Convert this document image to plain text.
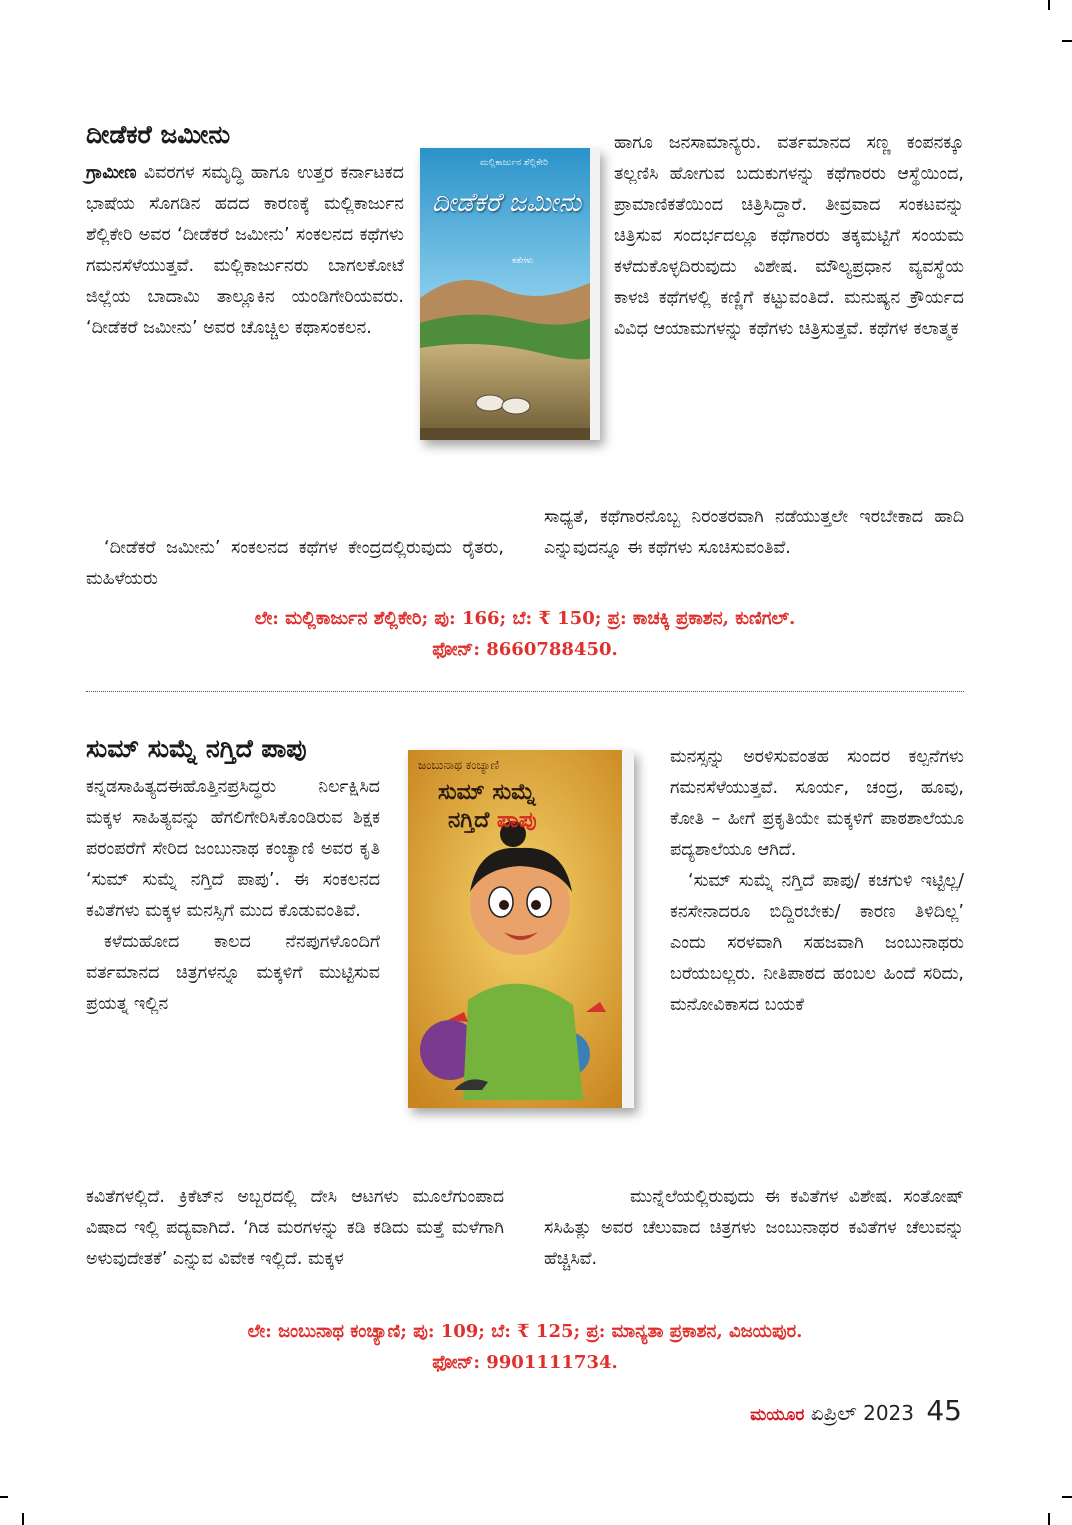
ದೀಡೆಕರೆ ಜಮೀನು

ಗ್ರಾಮೀಣ ವಿವರಗಳ ಸಮೃದ್ಧಿ ಹಾಗೂ ಉತ್ತರ ಕರ್ನಾಟಕದ ಭಾಷೆಯ ಸೊಗಡಿನ ಹದದ ಕಾರಣಕ್ಕೆ ಮಲ್ಲಿಕಾರ್ಜುನ ಶೆಲ್ಲಿಕೇರಿ ಅವರ ‘ದೀಡೆಕರೆ ಜಮೀನು’ ಸಂಕಲನದ ಕಥೆಗಳು ಗಮನಸೆಳೆಯುತ್ತವೆ. ಮಲ್ಲಿಕಾರ್ಜುನರು ಬಾಗಲಕೋಟೆ ಜಿಲ್ಲೆಯ ಬಾದಾಮಿ ತಾಲ್ಲೂಕಿನ ಯಂಡಿಗೇರಿಯವರು. ‘ದೀಡೆಕರೆ ಜಮೀನು’ ಅವರ ಚೊಚ್ಚಿಲ ಕಥಾಸಂಕಲನ.

ಮಲ್ಲಿಕಾರ್ಜುನ ಶೆಲ್ಲಿಕೇರಿ
ದೀಡೆಕರೆ ಜಮೀನು
ಕತೆಗಳು

ಹಾಗೂ ಜನಸಾಮಾನ್ಯರು. ವರ್ತಮಾನದ ಸಣ್ಣ ಕಂಪನಕ್ಕೂ ತಲ್ಲಣಿಸಿ ಹೋಗುವ ಬದುಕುಗಳನ್ನು ಕಥೆಗಾರರು ಆಸ್ಥೆಯಿಂದ, ಪ್ರಾಮಾಣಿಕತೆಯಿಂದ ಚಿತ್ರಿಸಿದ್ದಾರೆ. ತೀವ್ರವಾದ ಸಂಕಟವನ್ನು ಚಿತ್ರಿಸುವ ಸಂದರ್ಭದಲ್ಲೂ ಕಥೆಗಾರರು ತಕ್ಕಮಟ್ಟಿಗೆ ಸಂಯಮ ಕಳೆದುಕೊಳ್ಳದಿರುವುದು ವಿಶೇಷ. ಮೌಲ್ಯಪ್ರಧಾನ ವ್ಯವಸ್ಥೆಯ ಕಾಳಜಿ ಕಥೆಗಳಲ್ಲಿ ಕಣ್ಣಿಗೆ ಕಟ್ಟುವಂತಿದೆ. ಮನುಷ್ಯನ ಕ್ರೌರ್ಯದ ವಿವಿಧ ಆಯಾಮಗಳನ್ನು ಕಥೆಗಳು ಚಿತ್ರಿಸುತ್ತವೆ. ಕಥೆಗಳ ಕಲಾತ್ಮಕ

‘ದೀಡೆಕರೆ ಜಮೀನು’ ಸಂಕಲನದ ಕಥೆಗಳ ಕೇಂದ್ರದಲ್ಲಿರುವುದು ರೈತರು, ಮಹಿಳೆಯರು

ಸಾಧ್ಯತೆ, ಕಥೆಗಾರನೊಬ್ಬ ನಿರಂತರವಾಗಿ ನಡೆಯುತ್ತಲೇ ಇರಬೇಕಾದ ಹಾದಿ ಎನ್ನುವುದನ್ನೂ ಈ ಕಥೆಗಳು ಸೂಚಿಸುವಂತಿವೆ.

ಲೇ: ಮಲ್ಲಿಕಾರ್ಜುನ ಶೆಲ್ಲಿಕೇರಿ; ಪು: 166; ಬೆ: ₹ 150; ಪ್ರ: ಕಾಚಕ್ಕಿ ಪ್ರಕಾಶನ, ಕುಣಿಗಲ್.
ಫೋನ್: 8660788450.
ಸುಮ್ ಸುಮ್ನೆ ನಗ್ತಿದೆ ಪಾಪು

ಕನ್ನಡಸಾಹಿತ್ಯದಈಹೊತ್ತಿನಪ್ರಸಿದ್ಧರು ನಿರ್ಲಕ್ಷಿಸಿದ ಮಕ್ಕಳ ಸಾಹಿತ್ಯವನ್ನು ಹೆಗಲಿಗೇರಿಸಿಕೊಂಡಿರುವ ಶಿಕ್ಷಕ ಪರಂಪರೆಗೆ ಸೇರಿದ ಜಂಬುನಾಥ ಕಂಚ್ಯಾಣಿ ಅವರ ಕೃತಿ ‘ಸುಮ್ ಸುಮ್ನೆ ನಗ್ತಿದೆ ಪಾಪು’. ಈ ಸಂಕಲನದ ಕವಿತೆಗಳು ಮಕ್ಕಳ ಮನಸ್ಸಿಗೆ ಮುದ ಕೊಡುವಂತಿವೆ.

ಕಳೆದುಹೋದ ಕಾಲದ ನೆನಪುಗಳೊಂದಿಗೆ ವರ್ತಮಾನದ ಚಿತ್ರಗಳನ್ನೂ ಮಕ್ಕಳಿಗೆ ಮುಟ್ಟಿಸುವ ಪ್ರಯತ್ನ ಇಲ್ಲಿನ

ಜಂಬುನಾಥ ಕಂಚ್ಯಾಣಿ
ಸುಮ್ ಸುಮ್ನೆ
ನಗ್ತಿದೆ ಪಾಪು

ಮನಸ್ಸನ್ನು ಅರಳಿಸುವಂತಹ ಸುಂದರ ಕಲ್ಪನೆಗಳು ಗಮನಸೆಳೆಯುತ್ತವೆ. ಸೂರ್ಯ, ಚಂದ್ರ, ಹೂವು, ಕೋತಿ – ಹೀಗೆ ಪ್ರಕೃತಿಯೇ ಮಕ್ಕಳಿಗೆ ಪಾಠಶಾಲೆಯೂ ಪದ್ಯಶಾಲೆಯೂ ಆಗಿದೆ.

‘ಸುಮ್ ಸುಮ್ನೆ ನಗ್ತಿದೆ ಪಾಪು/ ಕಚಗುಳಿ ಇಟ್ಟಿಲ್ಲ/ ಕನಸೇನಾದರೂ ಬಿದ್ದಿರಬೇಕು/ ಕಾರಣ ತಿಳಿದಿಲ್ಲ’ ಎಂದು ಸರಳವಾಗಿ ಸಹಜವಾಗಿ ಜಂಬುನಾಥರು ಬರೆಯಬಲ್ಲರು. ನೀತಿಪಾಠದ ಹಂಬಲ ಹಿಂದೆ ಸರಿದು, ಮನೋವಿಕಾಸದ ಬಯಕೆ

ಕವಿತೆಗಳಲ್ಲಿದೆ. ಕ್ರಿಕೆಟ್‌ನ ಅಬ್ಬರದಲ್ಲಿ ದೇಸಿ ಆಟಗಳು ಮೂಲೆಗುಂಪಾದ ವಿಷಾದ ಇಲ್ಲಿ ಪದ್ಯವಾಗಿದೆ. ‘ಗಿಡ ಮರಗಳನ್ನು ಕಡಿ ಕಡಿದು ಮತ್ತೆ ಮಳೆಗಾಗಿ ಅಳುವುದೇತಕೆ’ ಎನ್ನುವ ವಿವೇಕ ಇಲ್ಲಿದೆ. ಮಕ್ಕಳ

ಮುನ್ನೆಲೆಯಲ್ಲಿರುವುದು ಈ ಕವಿತೆಗಳ ವಿಶೇಷ. ಸಂತೋಷ್ ಸಸಿಹಿತ್ಲು ಅವರ ಚೆಲುವಾದ ಚಿತ್ರಗಳು ಜಂಬುನಾಥರ ಕವಿತೆಗಳ ಚೆಲುವನ್ನು ಹೆಚ್ಚಿಸಿವೆ.

ಲೇ: ಜಂಬುನಾಥ ಕಂಚ್ಯಾಣಿ; ಪು: 109; ಬೆ: ₹ 125; ಪ್ರ: ಮಾನ್ಯತಾ ಪ್ರಕಾಶನ, ವಿಜಯಪುರ.
ಫೋನ್: 9901111734.
ಮಯೂರ ಏಪ್ರಿಲ್ 2023 45
